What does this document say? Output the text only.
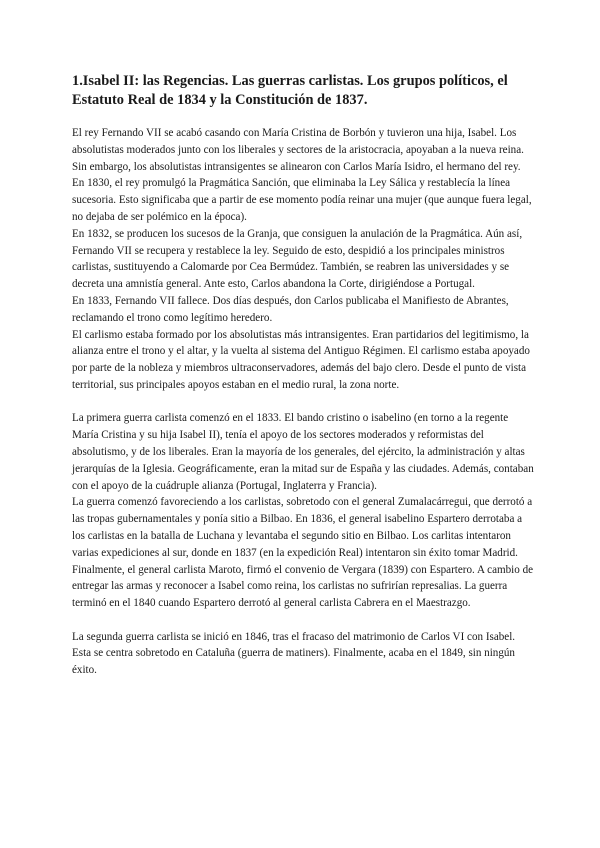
1.Isabel II: las Regencias. Las guerras carlistas. Los grupos políticos, el Estatuto Real de 1834 y la Constitución de 1837.

El rey Fernando VII se acabó casando con María Cristina de Borbón y tuvieron una hija, Isabel. Los absolutistas moderados junto con los liberales y sectores de la aristocracia, apoyaban a la nueva reina. Sin embargo, los absolutistas intransigentes se alinearon con Carlos María Isidro, el hermano del rey.

En 1830, el rey promulgó la Pragmática Sanción, que eliminaba la Ley Sálica y restablecía la línea sucesoria. Esto significaba que a partir de ese momento podía reinar una mujer (que aunque fuera legal, no dejaba de ser polémico en la época).

En 1832, se producen los sucesos de la Granja, que consiguen la anulación de la Pragmática. Aún así, Fernando VII se recupera y restablece la ley. Seguido de esto, despidió a los principales ministros carlistas, sustituyendo a Calomarde por Cea Bermúdez. También, se reabren las universidades y se decreta una amnistía general. Ante esto, Carlos abandona la Corte, dirigiéndose a Portugal.

En 1833, Fernando VII fallece. Dos días después, don Carlos publicaba el Manifiesto de Abrantes, reclamando el trono como legítimo heredero.

El carlismo estaba formado por los absolutistas más intransigentes. Eran partidarios del legitimismo, la alianza entre el trono y el altar, y la vuelta al sistema del Antiguo Régimen. El carlismo estaba apoyado por parte de la nobleza y miembros ultraconservadores, además del bajo clero. Desde el punto de vista territorial, sus principales apoyos estaban en el medio rural, la zona norte.

La primera guerra carlista comenzó en el 1833. El bando cristino o isabelino (en torno a la regente María Cristina y su hija Isabel II), tenía el apoyo de los sectores moderados y reformistas del absolutismo, y de los liberales. Eran la mayoría de los generales, del ejército, la administración y altas jerarquías de la Iglesia. Geográficamente, eran la mitad sur de España y las ciudades. Además, contaban con el apoyo de la cuádruple alianza (Portugal, Inglaterra y Francia).

La guerra comenzó favoreciendo a los carlistas, sobretodo con el general Zumalacárregui, que derrotó a las tropas gubernamentales y ponía sitio a Bilbao. En 1836, el general isabelino Espartero derrotaba a los carlistas en la batalla de Luchana y levantaba el segundo sitio en Bilbao. Los carlitas intentaron varias expediciones al sur, donde en 1837 (en la expedición Real) intentaron sin éxito tomar Madrid.

Finalmente, el general carlista Maroto, firmó el convenio de Vergara (1839) con Espartero. A cambio de entregar las armas y reconocer a Isabel como reina, los carlistas no sufrirían represalias. La guerra terminó en el 1840 cuando Espartero derrotó al general carlista Cabrera en el Maestrazgo.

La segunda guerra carlista se inició en 1846, tras el fracaso del matrimonio de Carlos VI con Isabel. Esta se centra sobretodo en Cataluña (guerra de matiners). Finalmente, acaba en el 1849, sin ningún éxito.
